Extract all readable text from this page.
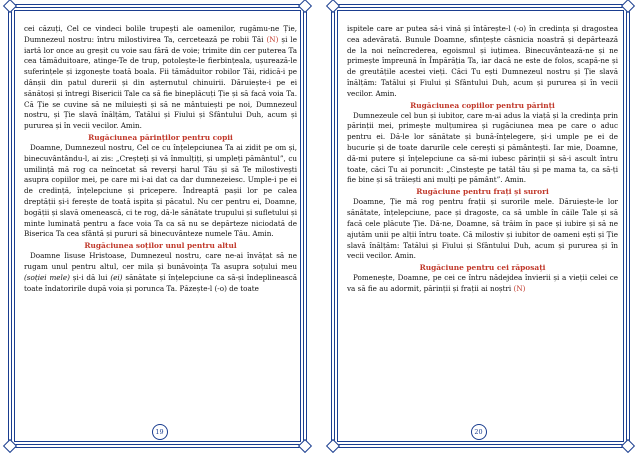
cei căzuți, Cel ce vindeci bolile trupești ale oamenilor, rugămu-ne Ție, Dumnezeul nostru: întru milostivirea Ta, cercetează pe robii Tăi (N) și le iartă lor once au greșit cu voie sau fără de voie; trimite din cer puterea Ta cea tămăduitoare, atinge-Te de trup, potolește-le fierbințeala, ușurează-le suferințele și izgonește toată boala. Fii tămăduitor robilor Tăi, ridică-i pe dânșii din patul durerii și din așternutul chinuirii. Dăruiește-i pe ei sănătoși și întregi Bisericii Tale ca să fie bineplăcuți Ție și să facă voia Ta. Că Ție se cuvine să ne miluiești și să ne mântuiești pe noi, Dumnezeul nostru, și Ție slavă înălțăm, Tatălui și Fiului și Sfântului Duh, acum și pururea și în vecii vecilor. Amin.

Rugăciunea părinților pentru copii

Doamne, Dumnezeul nostru, Cel ce cu înțelepciunea Ta ai zidit pe om și, binecuvântându-l, ai zis: „Creșteți și vă înmulțiți, și umpleți pământul”, cu umilință mă rog ca neîncetat să reverși harul Tău și să Te milostivești asupra copiilor mei, pe care mi i-ai dat ca dar dumnezeiesc. Umple-i pe ei de credință, înțelepciune și pricepere. Îndreaptă pașii lor pe calea dreptății și-i ferește de toată ispita și păcatul. Nu cer pentru ei, Doamne, bogății și slavă omenească, ci te rog, dă-le sănătate trupului și sufletului și minte luminată pentru a face voia Ta ca să nu se depărteze niciodată de Biserica Ta cea sfântă și pururi să binecuvânteze numele Tău. Amin.

Rugăciunea soților unul pentru altul

Doamne Iisuse Hristoase, Dumnezeul nostru, care ne-ai învățat să ne rugam unul pentru altul, cer mila și bunăvoința Ta asupra soțului meu (soției mele) și-i dă lui (ei) sănătate și înțelepciune ca să-și îndeplinească toate îndatoririle după voia și porunca Ta. Păzește-l (-o) de toate

19

ispitele care ar putea să-i vină și întărește-l (-o) în credința și dragostea cea adevărată. Bunule Doamne, sfințește căsnicia noastră și depărtează de la noi neîncrederea, egoismul și iuțimea. Binecuvântează-ne și ne primește împreună în Împărăția Ta, iar dacă ne este de folos, scapă-ne și de greutățile acestei vieți. Căci Tu ești Dumnezeul nostru și Ție slavă înălțăm: Tatălui și Fiului și Sfântului Duh, acum și pururea și în vecii vecilor. Amin.

Rugăciunea copiilor pentru părinți

Dumnezeule cel bun și iubitor, care m-ai adus la viață și la credința prin părinții mei, primește mulțumirea și rugăciunea mea pe care o aduc pentru ei. Dă-le lor sănătate și bună-înțelegere, și-i umple pe ei de bucurie și de toate darurile cele cerești și pământești. Iar mie, Doamne, dă-mi putere și înțelepciune ca să-mi iubesc părinții și să-i ascult întru toate, căci Tu ai poruncit: „Cinstește pe tatăl tău și pe mama ta, ca să-ți fie bine și să trăiești ani mulți pe pământ”. Amin.

Rugăciune pentru frați și surori

Doamne, Ție mă rog pentru frații și surorile mele. Dăruiește-le lor sănătate, înțelepciune, pace și dragoste, ca să umble în căile Tale și să facă cele plăcute Ție. Dă-ne, Doamne, să trăim în pace și iubire și să ne ajutăm unii pe alții întru toate. Că milostiv și iubitor de oameni ești și Ție slavă înălțăm: Tatălui și Fiului și Sfântului Duh, acum și pururea și în vecii vecilor. Amin.

Rugăciune pentru cei răposați

Pomenește, Doamne, pe cei ce întru nădejdea învierii și a vieții celei ce va să fie au adormit, părinții și frații ai noștri (N)

20
